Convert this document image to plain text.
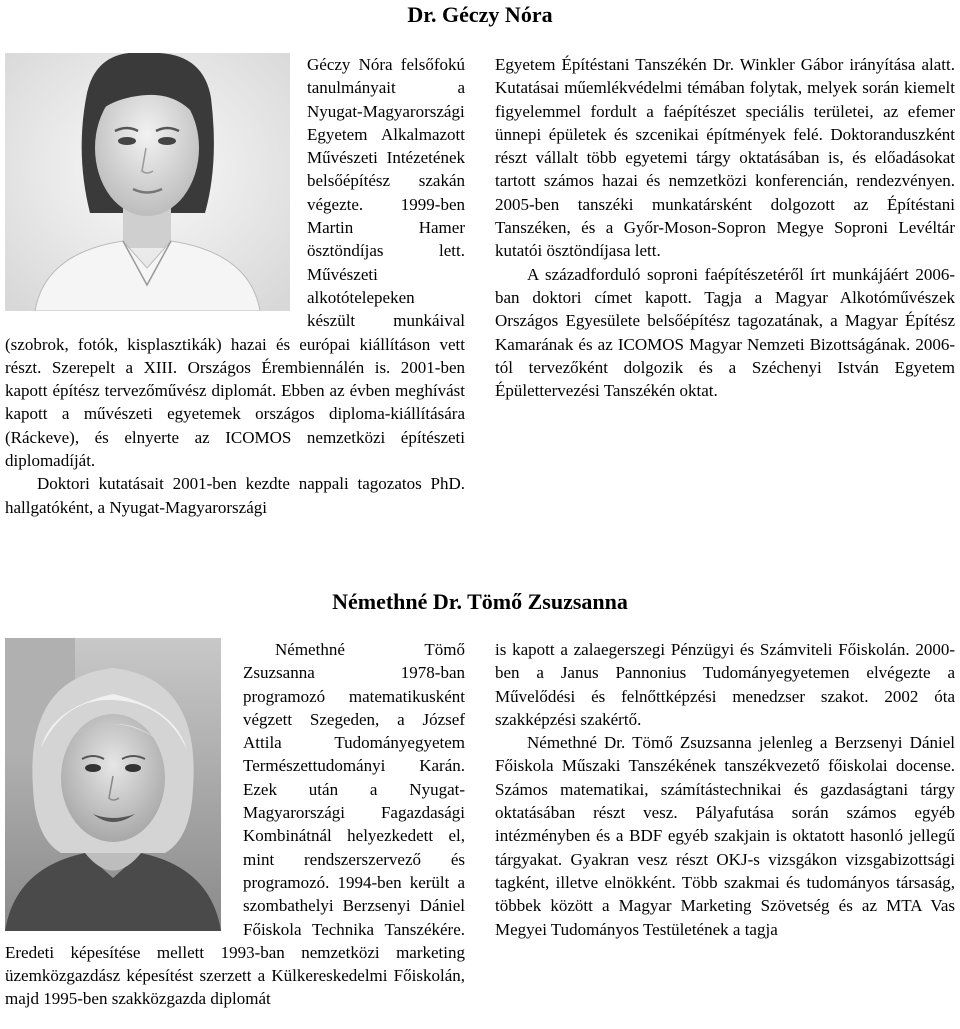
Dr. Géczy Nóra

Géczy Nóra felsőfokú tanulmányait a Nyugat-Magyarországi Egyetem Alkalmazott Művészeti Intézetének belsőépítész szakán végezte. 1999-ben Martin Hamer ösztöndíjas lett. Művészeti alkotótelepeken készült munkáival (szobrok, fotók, kisplasztikák) hazai és európai kiállításon vett részt. Szerepelt a XIII. Országos Érembiennálén is. 2001-ben kapott építész tervezőművész diplomát. Ebben az évben meghívást kapott a művészeti egyetemek országos diploma-kiállítására (Ráckeve), és elnyerte az ICOMOS nemzetközi építészeti diplomadíját.

Doktori kutatásait 2001-ben kezdte nappali tagozatos PhD. hallgatóként, a Nyugat-Magyarországi

Egyetem Építéstani Tanszékén Dr. Winkler Gábor irányítása alatt. Kutatásai műemlékvédelmi témában folytak, melyek során kiemelt figyelemmel fordult a faépítészet speciális területei, az efemer ünnepi épületek és szcenikai építmények felé. Doktoranduszként részt vállalt több egyetemi tárgy oktatásában is, és előadásokat tartott számos hazai és nemzetközi konferencián, rendezvényen. 2005-ben tanszéki munkatársként dolgozott az Építéstani Tanszéken, és a Győr-Moson-Sopron Megye Soproni Levéltár kutatói ösztöndíjasa lett.

A századforduló soproni faépítészetéről írt munkájáért 2006-ban doktori címet kapott. Tagja a Magyar Alkotóművészek Országos Egyesülete belsőépítész tagozatának, a Magyar Építész Kamarának és az ICOMOS Magyar Nemzeti Bizottságának. 2006-tól tervezőként dolgozik és a Széchenyi István Egyetem Épülettervezési Tanszékén oktat.

Némethné Dr. Tömő Zsuzsanna

Némethné Tömő Zsuzsanna 1978-ban programozó matematikusként végzett Szegeden, a József Attila Tudományegyetem Természettudományi Karán. Ezek után a Nyugat-Magyarországi Fagazdasági Kombinátnál helyezkedett el, mint rendszerszervező és programozó. 1994-ben került a szombathelyi Berzsenyi Dániel Főiskola Technika Tanszékére. Eredeti képesítése mellett 1993-ban nemzetközi marketing üzemközgazdász képesítést szerzett a Külkereskedelmi Főiskolán, majd 1995-ben szakközgazda diplomát

is kapott a zalaegerszegi Pénzügyi és Számviteli Főiskolán. 2000-ben a Janus Pannonius Tudományegyetemen elvégezte a Művelődési és felnőttképzési menedzser szakot. 2002 óta szakképzési szakértő.

Némethné Dr. Tömő Zsuzsanna jelenleg a Berzsenyi Dániel Főiskola Műszaki Tanszékének tanszékvezető főiskolai docense. Számos matematikai, számítástechnikai és gazdaságtani tárgy oktatásában részt vesz. Pályafutása során számos egyéb intézményben és a BDF egyéb szakjain is oktatott hasonló jellegű tárgyakat. Gyakran vesz részt OKJ-s vizsgákon vizsgabizottsági tagként, illetve elnökként. Több szakmai és tudományos társaság, többek között a Magyar Marketing Szövetség és az MTA Vas Megyei Tudományos Testületének a tagja
